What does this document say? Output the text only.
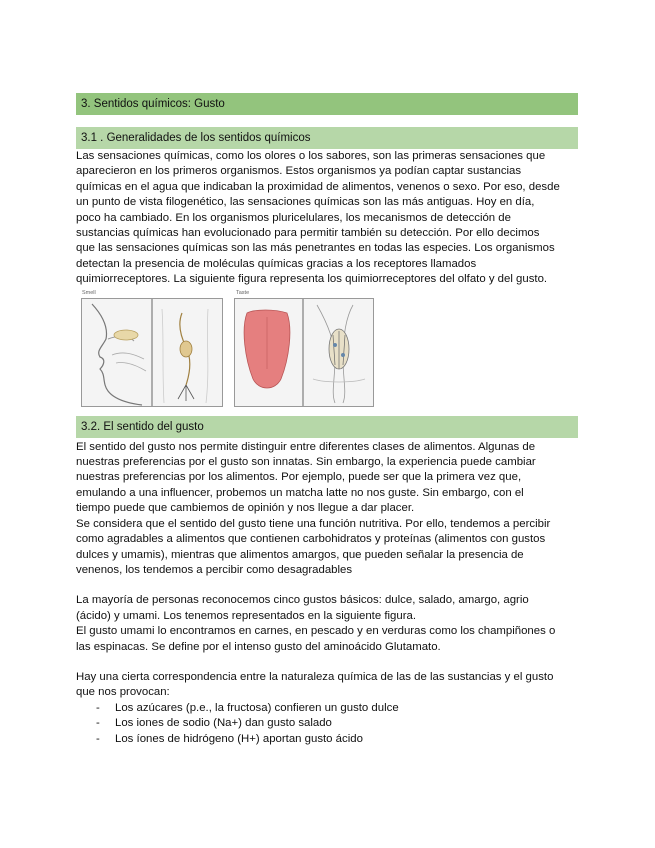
3. Sentidos químicos: Gusto
3.1 . Generalidades de los sentidos químicos

Las sensaciones químicas, como los olores o los sabores, son las primeras sensaciones que

aparecieron en los primeros organismos. Estos organismos ya podían captar sustancias

químicas en el agua que indicaban la proximidad de alimentos, venenos o sexo. Por eso, desde

un punto de vista filogenético, las sensaciones químicas son las más antiguas. Hoy en día,

poco ha cambiado. En los organismos pluricelulares, los mecanismos de detección de

sustancias químicas han evolucionado para permitir también su detección. Por ello decimos

que las sensaciones químicas son las más penetrantes en todas las especies. Los organismos

detectan la presencia de moléculas químicas gracias a los receptores llamados

quimiorreceptores. La siguiente figura representa los quimiorreceptores del olfato y del gusto.

Smell	Taste
3.2. El sentido del gusto

El sentido del gusto nos permite distinguir entre diferentes clases de alimentos. Algunas de

nuestras preferencias por el gusto son innatas. Sin embargo, la experiencia puede cambiar

nuestras preferencias por los alimentos. Por ejemplo, puede ser que la primera vez que,

emulando a una influencer, probemos un matcha latte no nos guste. Sin embargo, con el

tiempo puede que cambiemos de opinión y nos llegue a dar placer.

Se considera que el sentido del gusto tiene una función nutritiva. Por ello, tendemos a percibir

como agradables a alimentos que contienen carbohidratos y proteínas (alimentos con gustos

dulces y umamis), mientras que alimentos amargos, que pueden señalar la presencia de

venenos, los tendemos a percibir como desagradables

La mayoría de personas reconocemos cinco gustos básicos: dulce, salado, amargo, agrio

(ácido) y umami. Los tenemos representados en la siguiente figura.

El gusto umami lo encontramos en carnes, en pescado y en verduras como los champiñones o

las espinacas. Se define por el intenso gusto del aminoácido Glutamato.

Hay una cierta correspondencia entre la naturaleza química de las de las sustancias y el gusto

que nos provocan:

- Los azúcares (p.e., la fructosa) confieren un gusto dulce
- Los iones de sodio (Na+) dan gusto salado
- Los íones de hidrógeno (H+) aportan gusto ácido
